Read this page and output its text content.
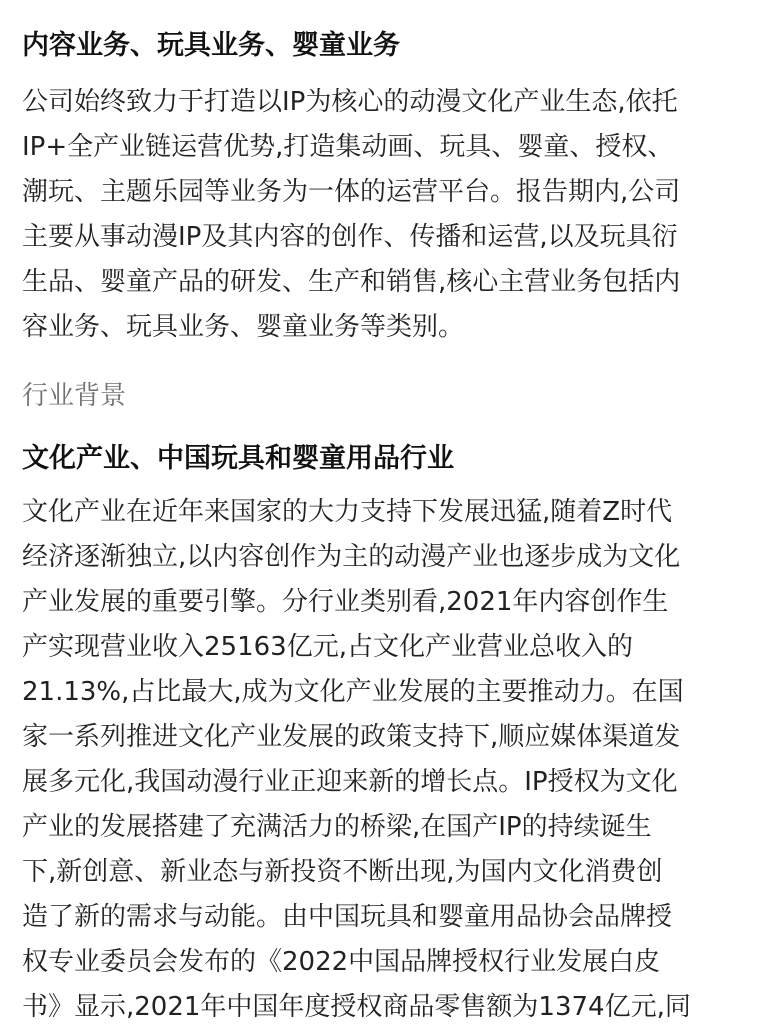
内容业务、玩具业务、婴童业务
公司始终致力于打造以IP为核心的动漫文化产业生态,依托
IP+全产业链运营优势,打造集动画、玩具、婴童、授权、
潮玩、主题乐园等业务为一体的运营平台。报告期内,公司
主要从事动漫IP及其内容的创作、传播和运营,以及玩具衍
生品、婴童产品的研发、生产和销售,核心主营业务包括内
容业务、玩具业务、婴童业务等类别。
行业背景
文化产业、中国玩具和婴童用品行业
文化产业在近年来国家的大力支持下发展迅猛,随着Z时代
经济逐渐独立,以内容创作为主的动漫产业也逐步成为文化
产业发展的重要引擎。分行业类别看,2021年内容创作生
产实现营业收入25163亿元,占文化产业营业总收入的
21.13%,占比最大,成为文化产业发展的主要推动力。在国
家一系列推进文化产业发展的政策支持下,顺应媒体渠道发
展多元化,我国动漫行业正迎来新的增长点。IP授权为文化
产业的发展搭建了充满活力的桥梁,在国产IP的持续诞生
下,新创意、新业态与新投资不断出现,为国内文化消费创
造了新的需求与动能。由中国玩具和婴童用品协会品牌授
权专业委员会发布的《2022中国品牌授权行业发展白皮
书》显示,2021年中国年度授权商品零售额为1374亿元,同
